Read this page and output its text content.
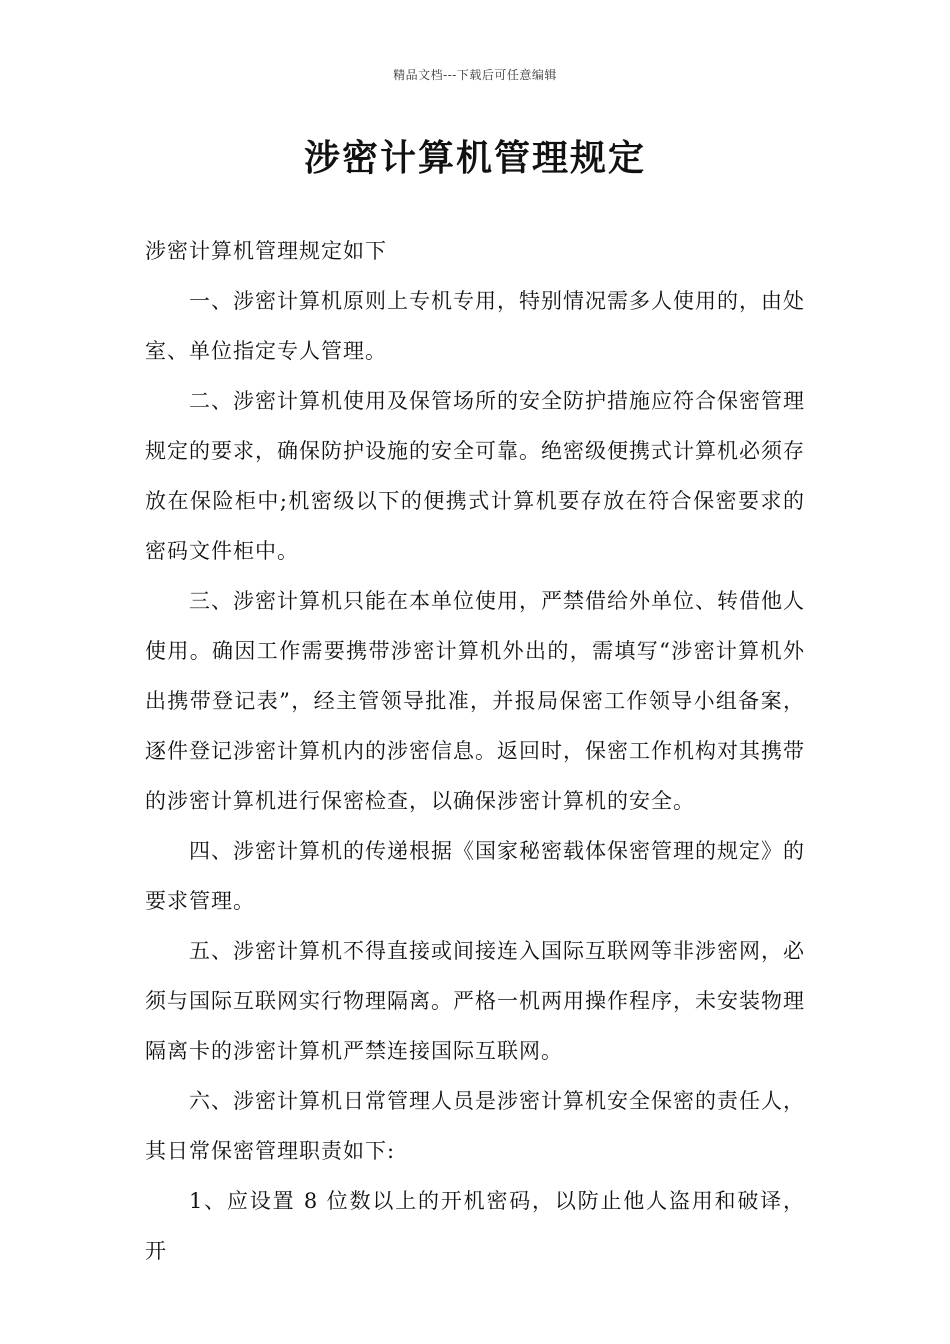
精品文档---下载后可任意编辑
涉密计算机管理规定

涉密计算机管理规定如下

一、涉密计算机原则上专机专用，特别情况需多人使用的，由处室、单位指定专人管理。

二、涉密计算机使用及保管场所的安全防护措施应符合保密管理规定的要求，确保防护设施的安全可靠。绝密级便携式计算机必须存放在保险柜中;机密级以下的便携式计算机要存放在符合保密要求的密码文件柜中。

三、涉密计算机只能在本单位使用，严禁借给外单位、转借他人使用。确因工作需要携带涉密计算机外出的，需填写“涉密计算机外出携带登记表”，经主管领导批准，并报局保密工作领导小组备案，逐件登记涉密计算机内的涉密信息。返回时，保密工作机构对其携带的涉密计算机进行保密检查，以确保涉密计算机的安全。

四、涉密计算机的传递根据《国家秘密载体保密管理的规定》的要求管理。

五、涉密计算机不得直接或间接连入国际互联网等非涉密网，必须与国际互联网实行物理隔离。严格一机两用操作程序，未安装物理隔离卡的涉密计算机严禁连接国际互联网。

六、涉密计算机日常管理人员是涉密计算机安全保密的责任人，其日常保密管理职责如下:

1、应设置 8 位数以上的开机密码，以防止他人盗用和破译，开
